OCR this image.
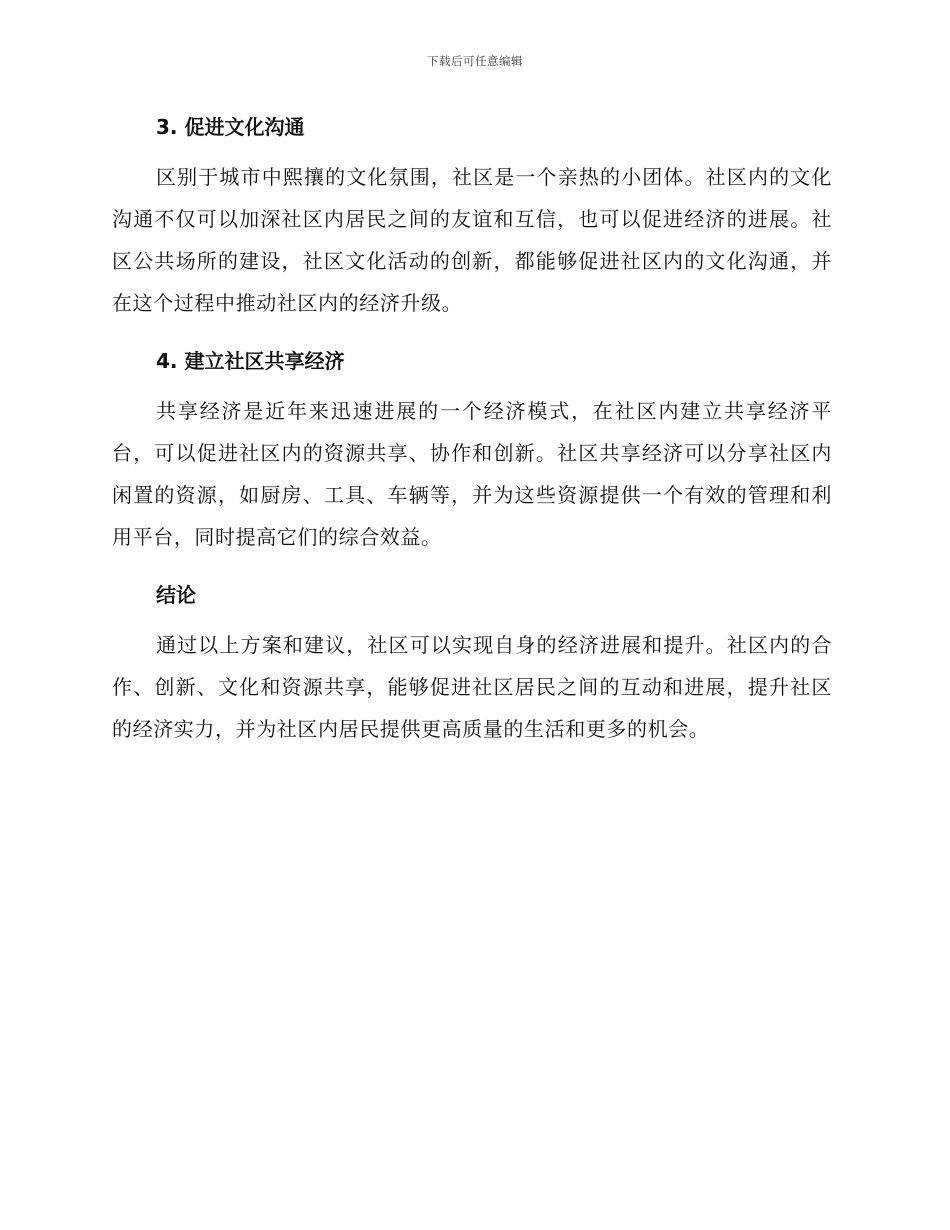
下载后可任意编辑
3. 促进文化沟通

区别于城市中熙攘的文化氛围，社区是一个亲热的小团体。社区内的文化沟通不仅可以加深社区内居民之间的友谊和互信，也可以促进经济的进展。社区公共场所的建设，社区文化活动的创新，都能够促进社区内的文化沟通，并在这个过程中推动社区内的经济升级。

4. 建立社区共享经济

共享经济是近年来迅速进展的一个经济模式，在社区内建立共享经济平台，可以促进社区内的资源共享、协作和创新。社区共享经济可以分享社区内闲置的资源，如厨房、工具、车辆等，并为这些资源提供一个有效的管理和利用平台，同时提高它们的综合效益。

结论

通过以上方案和建议，社区可以实现自身的经济进展和提升。社区内的合作、创新、文化和资源共享，能够促进社区居民之间的互动和进展，提升社区的经济实力，并为社区内居民提供更高质量的生活和更多的机会。
